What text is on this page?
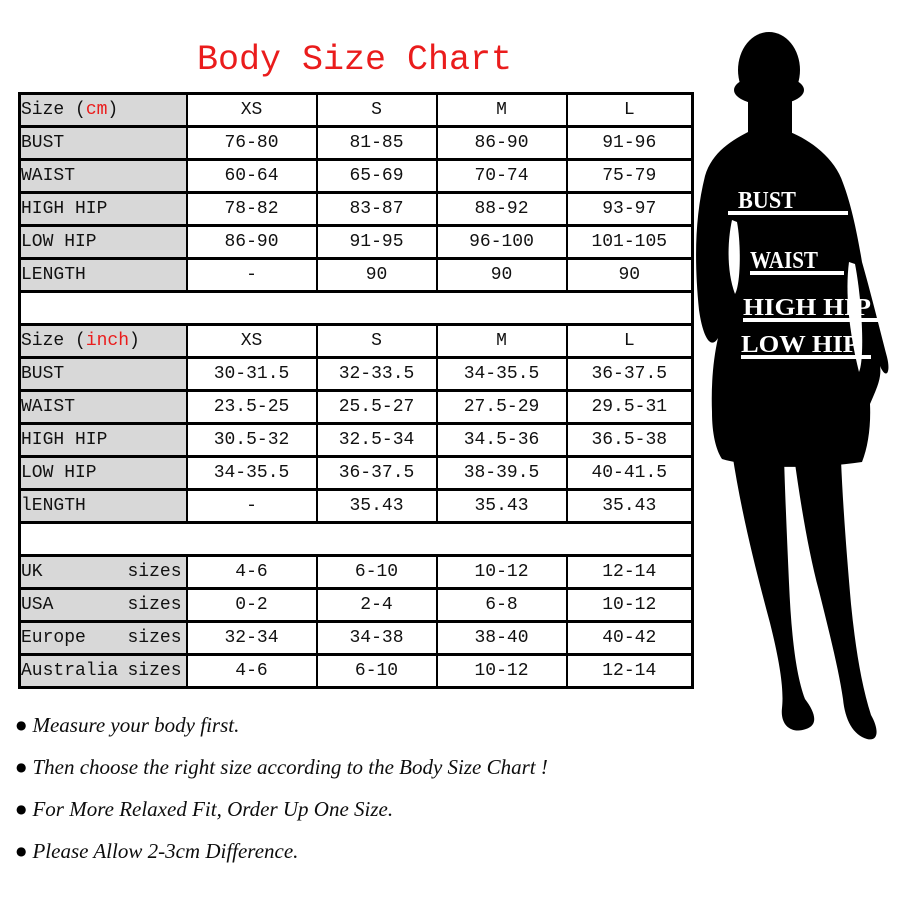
Body Size Chart
Size (cm)	XS	S	M	L
BUST	76-80	81-85	86-90	91-96
WAIST	60-64	65-69	70-74	75-79
HIGH HIP	78-82	83-87	88-92	93-97
LOW HIP	86-90	91-95	96-100	101-105
LENGTH	-	90	90	90

Size (inch)	XS	S	M	L
BUST	30-31.5	32-33.5	34-35.5	36-37.5
WAIST	23.5-25	25.5-27	27.5-29	29.5-31
HIGH HIP	30.5-32	32.5-34	34.5-36	36.5-38
LOW HIP	34-35.5	36-37.5	38-39.5	40-41.5
lENGTH	-	35.43	35.43	35.43

UK sizes	4-6	6-10	10-12	12-14

USA sizes	0-2	2-4	6-8	10-12

Europe sizes	32-34	34-38	38-40	40-42

Australia sizes	4-6	6-10	10-12	12-14
BUST
WAIST
HIGH HIP
LOW HIP
● Measure your body first.
● Then choose the right size according to the Body Size Chart !
● For More Relaxed Fit, Order Up One Size.
● Please Allow 2-3cm Difference.
